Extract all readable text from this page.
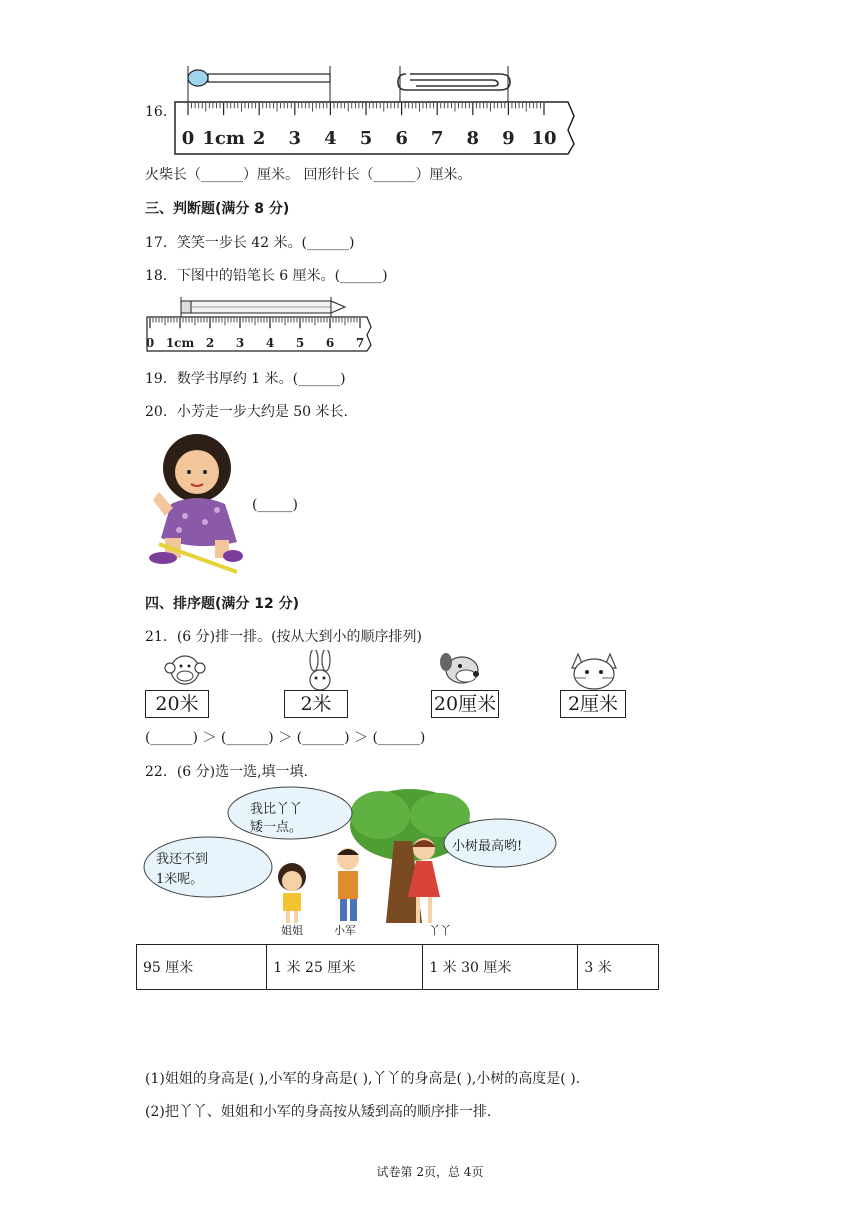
16.
0 1cm 2 3 4 5 6 7 8 9 10
火柴长（______）厘米。 回形针长（______）厘米。
三、判断题(满分 8 分)
17．笑笑一步长 42 米。(______)
18．下图中的铅笔长 6 厘米。(______)
0 1cm 2 3 4 5 6 7
19．数学书厚约 1 米。(______)
20．小芳走一步大约是 50 米长.
(_____)
四、排序题(满分 12 分)
21．(6 分)排一排。(按从大到小的顺序排列)
20米	2米	20厘米	2厘米
(______) ＞ (______) ＞ (______) ＞ (______)
22．(6 分)选一选,填一填.
我比丫丫
矮一点。
我还不到
1米呢。
小树最高哟!
姐姐	小军	丫丫
95 厘米	1 米 25 厘米	1 米 30 厘米	3 米
(1)姐姐的身高是( ),小军的身高是( ),丫丫的身高是( ),小树的高度是( ).
(2)把丫丫、姐姐和小军的身高按从矮到高的顺序排一排.
试卷第 2页，总 4页
